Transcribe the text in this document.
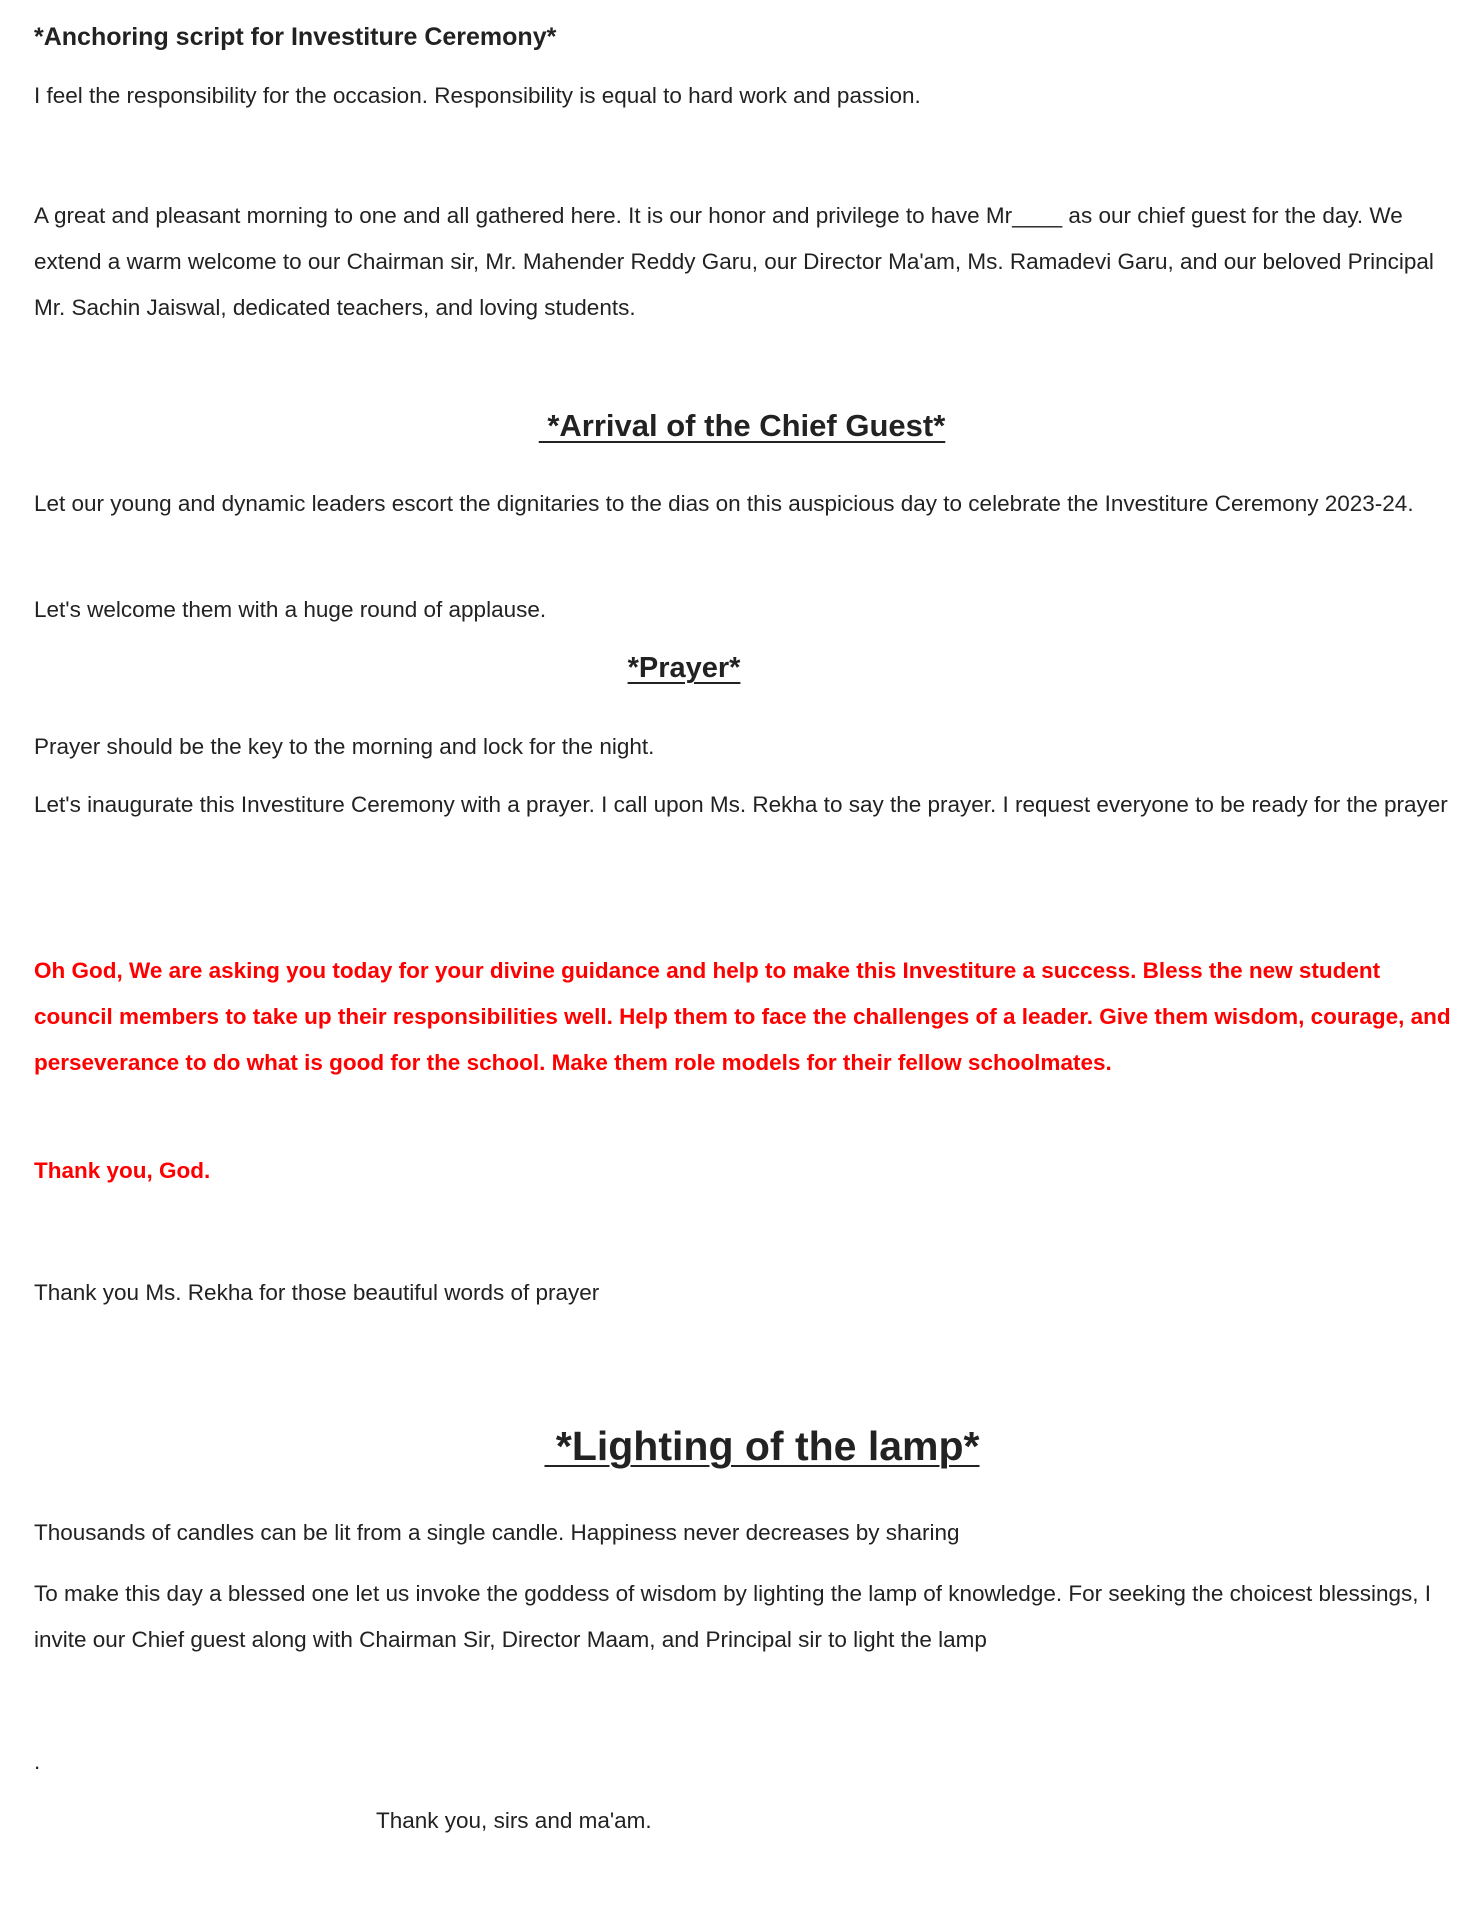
*Anchoring script for Investiture Ceremony*

I feel the responsibility for the occasion. Responsibility is equal to hard work and passion.

A great and pleasant morning to one and all gathered here. It is our honor and privilege to have Mr____ as our chief guest for the day. We extend a warm welcome to our Chairman sir, Mr. Mahender Reddy Garu, our Director Ma'am, Ms. Ramadevi Garu, and our beloved Principal Mr. Sachin Jaiswal, dedicated teachers, and loving students.

*Arrival of the Chief Guest*

Let our young and dynamic leaders escort the dignitaries to the dias on this auspicious day to celebrate the Investiture Ceremony 2023-24.

Let's welcome them with a huge round of applause.

*Prayer*

Prayer should be the key to the morning and lock for the night.

Let's inaugurate this Investiture Ceremony with a prayer. I call upon Ms. Rekha to say the prayer. I request everyone to be ready for the prayer

Oh God, We are asking you today for your divine guidance and help to make this Investiture a success. Bless the new student council members to take up their responsibilities well. Help them to face the challenges of a leader. Give them wisdom, courage, and perseverance to do what is good for the school. Make them role models for their fellow schoolmates.

Thank you, God.

Thank you Ms. Rekha for those beautiful words of prayer

*Lighting of the lamp*

Thousands of candles can be lit from a single candle. Happiness never decreases by sharing

To make this day a blessed one let us invoke the goddess of wisdom by lighting the lamp of knowledge. For seeking the choicest blessings, I invite our Chief guest along with Chairman Sir, Director Maam, and Principal sir to light the lamp

.

Thank you, sirs and ma'am.
